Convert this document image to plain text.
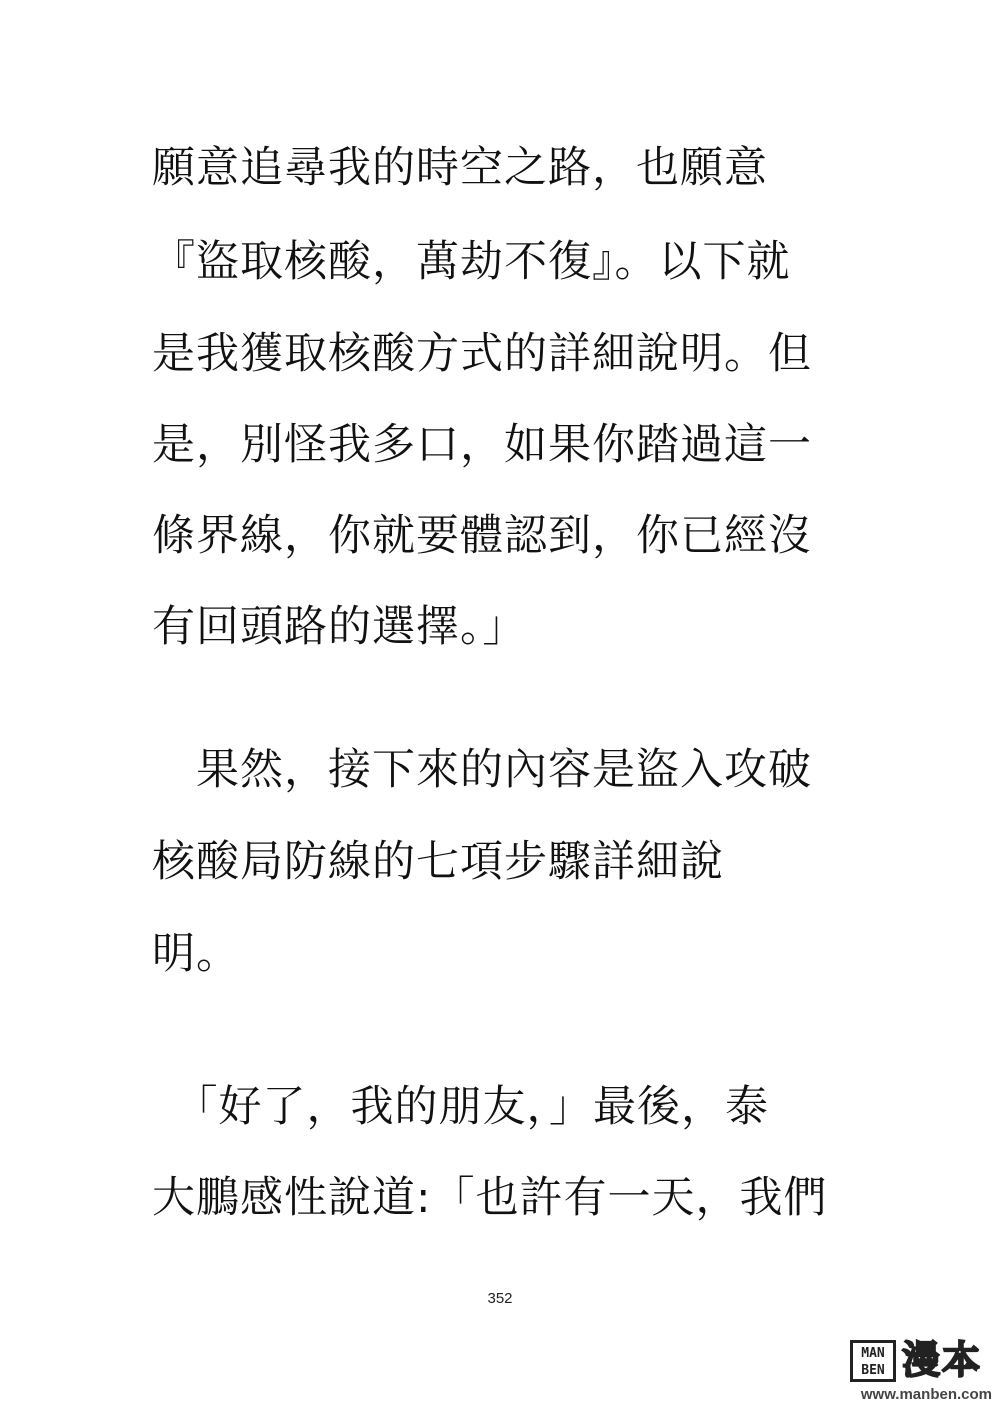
願意追尋我的時空之路，也願意
『盜取核酸，萬劫不復』。以下就
是我獲取核酸方式的詳細說明。但
是，別怪我多口，如果你踏過這一
條界線，你就要體認到，你已經沒
有回頭路的選擇。」
　果然，接下來的內容是盜入攻破
核酸局防線的七項步驟詳細說
明。
　「好了，我的朋友，」最後，泰
大鵬感性說道:「也許有一天，我們
352
MAN
BEN 漫本
www.manben.com
